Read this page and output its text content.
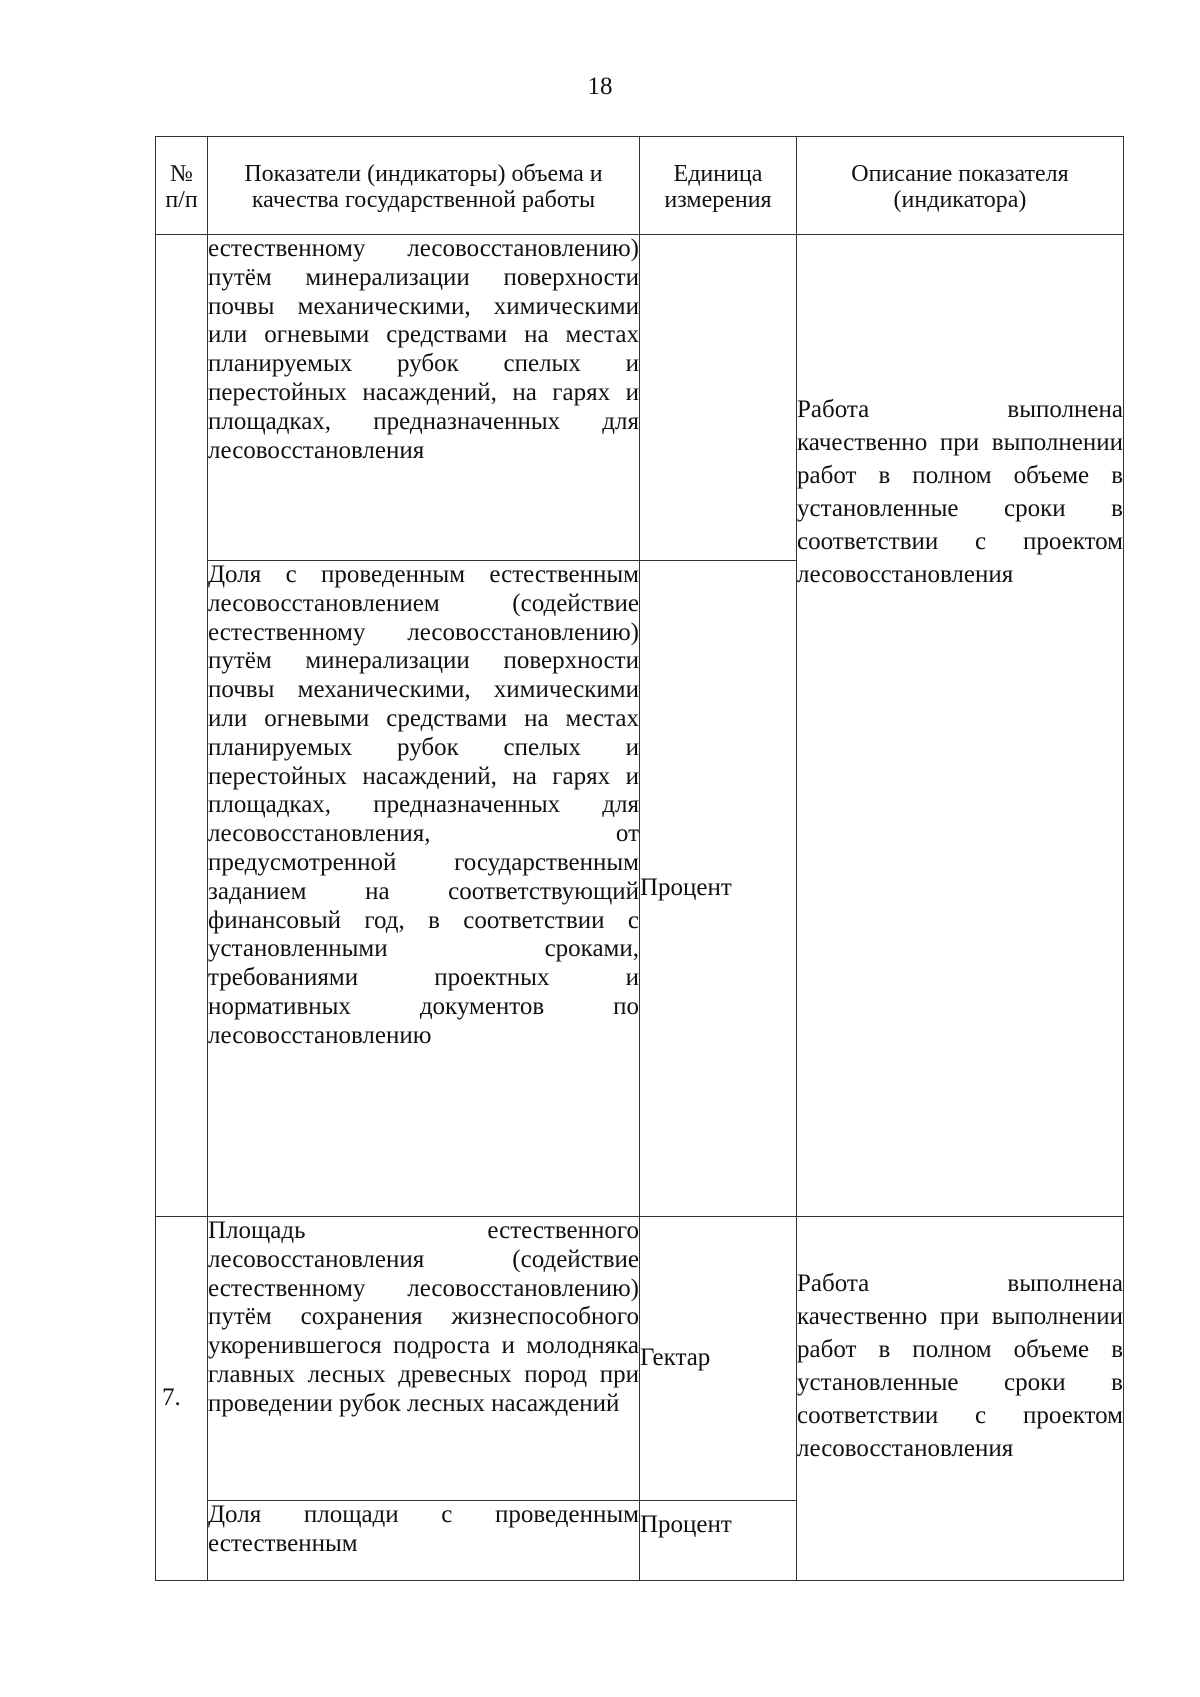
18
№ п/п	Показатели (индикаторы) объема и качества государственной работы	Единица измерения	Описание показателя (индикатора)
	естественному лесовосстановлению) путём минерализации поверхности почвы механическими, химическими или огневыми средствами на местах планируемых рубок спелых и перестойных насаждений, на гарях и площадках, предназначенных для лесовосстановления		Работа выполнена качественно при выполнении работ в полном объеме в установленные сроки в соответствии с проектом лесовосстановления
	Доля с проведенным естественным лесовосстановлением (содействие естественному лесовосстановлению) путём минерализации поверхности почвы механическими, химическими или огневыми средствами на местах планируемых рубок спелых и перестойных насаждений, на гарях и площадках, предназначенных для лесовосстановления, от предусмотренной государственным заданием на соответствующий финансовый год, в соответствии с установленными сроками, требованиями проектных и нормативных документов по лесовосстановлению	Процент	
7.	Площадь естественного лесовосстановления (содействие естественному лесовосстановлению) путём сохранения жизнеспособного укоренившегося подроста и молодняка главных лесных древесных пород при проведении рубок лесных насаждений	Гектар	Работа выполнена качественно при выполнении работ в полном объеме в установленные сроки в соответствии с проектом лесовосстановления
	Доля площади с проведенным естественным	Процент	
